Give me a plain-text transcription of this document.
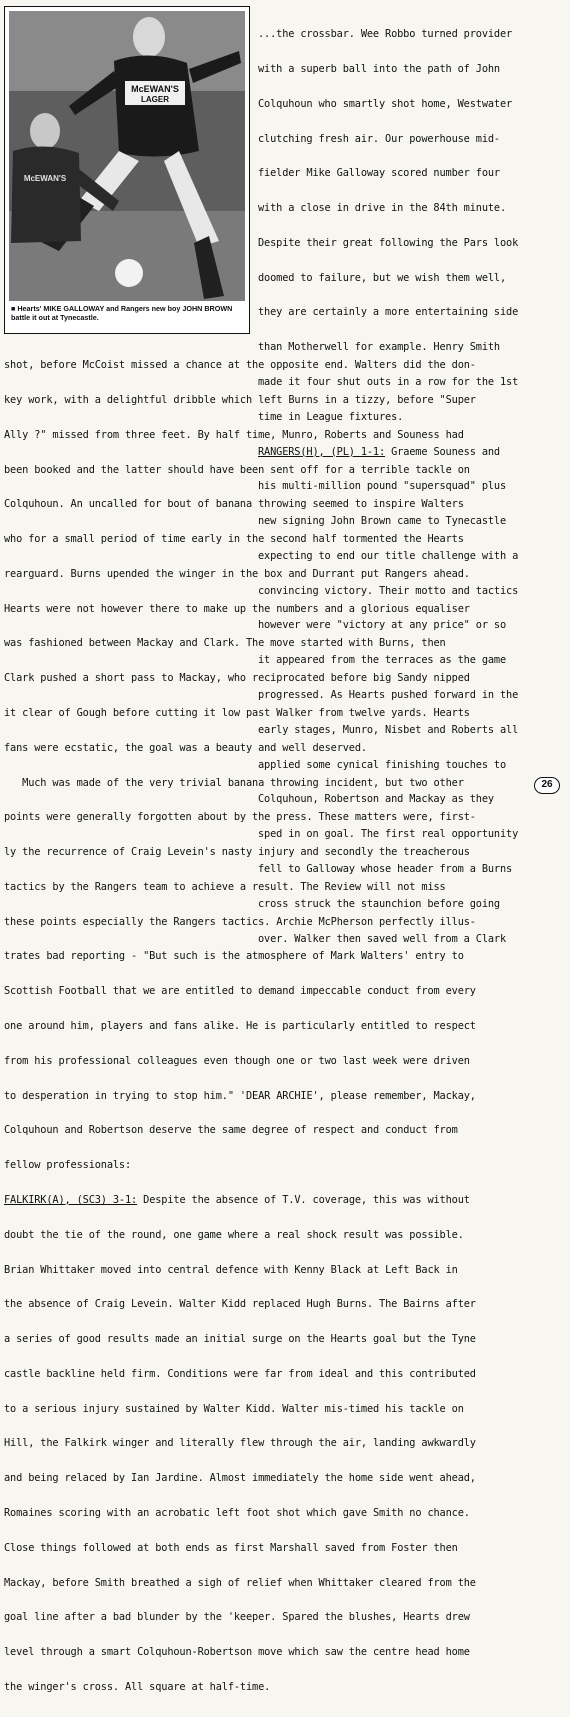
McEWAN'S
LAGER
McEWAN'S
■ Hearts' MIKE GALLOWAY and Rangers new boy JOHN BROWN battle it out at Tynecastle.

...the crossbar. Wee Robbo turned provider

with a superb ball into the path of John

Colquhoun who smartly shot home, Westwater

clutching fresh air. Our powerhouse mid-

fielder Mike Galloway scored number four

with a close in drive in the 84th minute.

Despite their great following the Pars look

doomed to failure, but we wish them well,

they are certainly a more entertaining side

than Motherwell for example. Henry Smith

made it four shut outs in a row for the 1st

time in League fixtures.

RANGERS(H), (PL) 1-1: Graeme Souness and

his multi-million pound "supersquad" plus

new signing John Brown came to Tynecastle

expecting to end our title challenge with a

convincing victory. Their motto and tactics

however were "victory at any price" or so

it appeared from the terraces as the game

progressed. As Hearts pushed forward in the

early stages, Munro, Nisbet and Roberts all

applied some cynical finishing touches to

Colquhoun, Robertson and Mackay as they

sped in on goal. The first real opportunity

fell to Galloway whose header from a Burns

cross struck the staunchion before going

over. Walker then saved well from a Clark

shot, before McCoist missed a chance at the opposite end. Walters did the don-

key work, with a delightful dribble which left Burns in a tizzy, before "Super

Ally ?" missed from three feet. By half time, Munro, Roberts and Souness had

been booked and the latter should have been sent off for a terrible tackle on

Colquhoun. An uncalled for bout of banana throwing seemed to inspire Walters

who for a small period of time early in the second half tormented the Hearts

rearguard. Burns upended the winger in the box and Durrant put Rangers ahead.

Hearts were not however there to make up the numbers and a glorious equaliser

was fashioned between Mackay and Clark. The move started with Burns, then

Clark pushed a short pass to Mackay, who reciprocated before big Sandy nipped

it clear of Gough before cutting it low past Walker from twelve yards. Hearts

fans were ecstatic, the goal was a beauty and well deserved.

Much was made of the very trivial banana throwing incident, but two other

points were generally forgotten about by the press. These matters were, first-

ly the recurrence of Craig Levein's nasty injury and secondly the treacherous

tactics by the Rangers team to achieve a result. The Review will not miss

these points especially the Rangers tactics. Archie McPherson perfectly illus-

trates bad reporting - "But such is the atmosphere of Mark Walters' entry to

Scottish Football that we are entitled to demand impeccable conduct from every

one around him, players and fans alike. He is particularly entitled to respect

from his professional colleagues even though one or two last week were driven

to desperation in trying to stop him." 'DEAR ARCHIE', please remember, Mackay,

Colquhoun and Robertson deserve the same degree of respect and conduct from

fellow professionals:

FALKIRK(A), (SC3) 3-1: Despite the absence of T.V. coverage, this was without

doubt the tie of the round, one game where a real shock result was possible.

Brian Whittaker moved into central defence with Kenny Black at Left Back in

the absence of Craig Levein. Walter Kidd replaced Hugh Burns. The Bairns after

a series of good results made an initial surge on the Hearts goal but the Tyne

castle backline held firm. Conditions were far from ideal and this contributed

to a serious injury sustained by Walter Kidd. Walter mis-timed his tackle on

Hill, the Falkirk winger and literally flew through the air, landing awkwardly

and being relaced by Ian Jardine. Almost immediately the home side went ahead,

Romaines scoring with an acrobatic left foot shot which gave Smith no chance.

Close things followed at both ends as first Marshall saved from Foster then

Mackay, before Smith breathed a sigh of relief when Whittaker cleared from the

goal line after a bad blunder by the 'keeper. Spared the blushes, Hearts drew

level through a smart Colquhoun-Robertson move which saw the centre head home

the winger's cross. All square at half-time.

26
